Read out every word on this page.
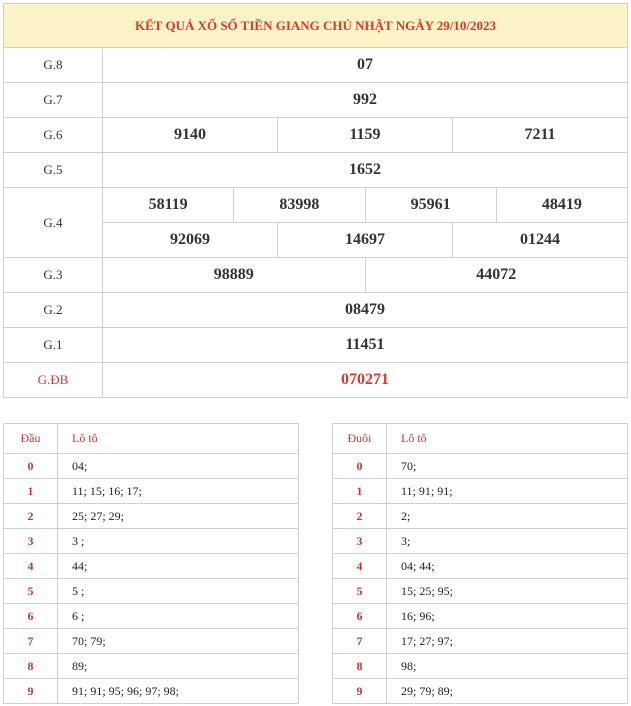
KẾT QUẢ XỔ SỐ TIỀN GIANG CHỦ NHẬT NGÀY 29/10/2023						
G.8	07					
G.7	992					
G.6	9140		1159		7211	
G.5	1652					
G.4	58119	83998		95961		48419
	92069		14697		01244	
G.3	98889			44072		
G.2	08479					
G.1	11451					
G.ĐB	070271					
Đầu	Lô tô
0	04;
1	11; 15; 16; 17;
2	25; 27; 29;
3	3 ;
4	44;
5	5 ;
6	6 ;
7	70; 79;
8	89;
9	91; 91; 95; 96; 97; 98;
Đuôi	Lô tô
0	70;
1	11; 91; 91;
2	2;
3	3;
4	04; 44;
5	15; 25; 95;
6	16; 96;
7	17; 27; 97;
8	98;
9	29; 79; 89;
